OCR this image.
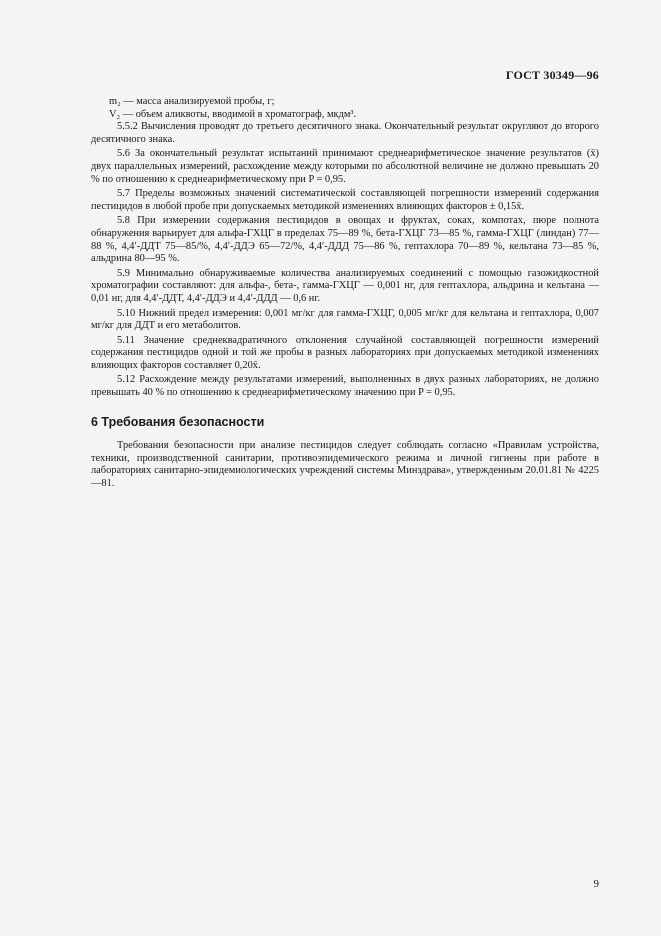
ГОСТ 30349—96
m₂ — масса анализируемой пробы, г;
V₂ — объем аликвоты, вводимой в хроматограф, мкдм³.

5.5.2 Вычисления проводят до третьего десятичного знака. Окончательный результат округляют до второго десятичного знака.

5.6 За окончательный результат испытаний принимают среднеарифметическое значение результатов (x̄) двух параллельных измерений, расхождение между которыми по абсолютной величине не должно превышать 20 % по отношению к среднеарифметическому при P = 0,95.

5.7 Пределы возможных значений систематической составляющей погрешности измерений содержания пестицидов в любой пробе при допускаемых методикой изменениях влияющих факторов ± 0,15x̄.

5.8 При измерении содержания пестицидов в овощах и фруктах, соках, компотах, пюре полнота обнаружения варьирует для альфа-ГХЦГ в пределах 75—89 %, бета-ГХЦГ 73—85 %, гамма-ГХЦГ (линдан) 77—88 %, 4,4′-ДДТ 75—85/%, 4,4′-ДДЭ 65—72/%, 4,4′-ДДД 75—86 %, гептахлора 70—89 %, кельтана 73—85 %, альдрина 80—95 %.

5.9 Минимально обнаруживаемые количества анализируемых соединений с помощью газожидкостной хроматографии составляют: для альфа-, бета-, гамма-ГХЦГ — 0,001 нг, для гептахлора, альдрина и кельтана — 0,01 нг, для 4,4′-ДДТ, 4,4′-ДДЭ и 4,4′-ДДД — 0,6 нг.

5.10 Нижний предел измерения: 0,001 мг/кг для гамма-ГХЦГ, 0,005 мг/кг для кельтана и гептахлора, 0,007 мг/кг для ДДТ и его метаболитов.

5.11 Значение среднеквадратичного отклонения случайной составляющей погрешности измерений содержания пестицидов одной и той же пробы в разных лабораториях при допускаемых методикой изменениях влияющих факторов составляет 0,20x̄.

5.12 Расхождение между результатами измерений, выполненных в двух разных лабораториях, не должно превышать 40 % по отношению к среднеарифметическому значению при P = 0,95.

6 Требования безопасности

Требования безопасности при анализе пестицидов следует соблюдать согласно «Правилам устройства, техники, производственной санитарии, противоэпидемического режима и личной гигиены при работе в лабораториях санитарно-эпидемиологических учреждений системы Минздрава», утвержденным 20.01.81 № 4225—81.

9
